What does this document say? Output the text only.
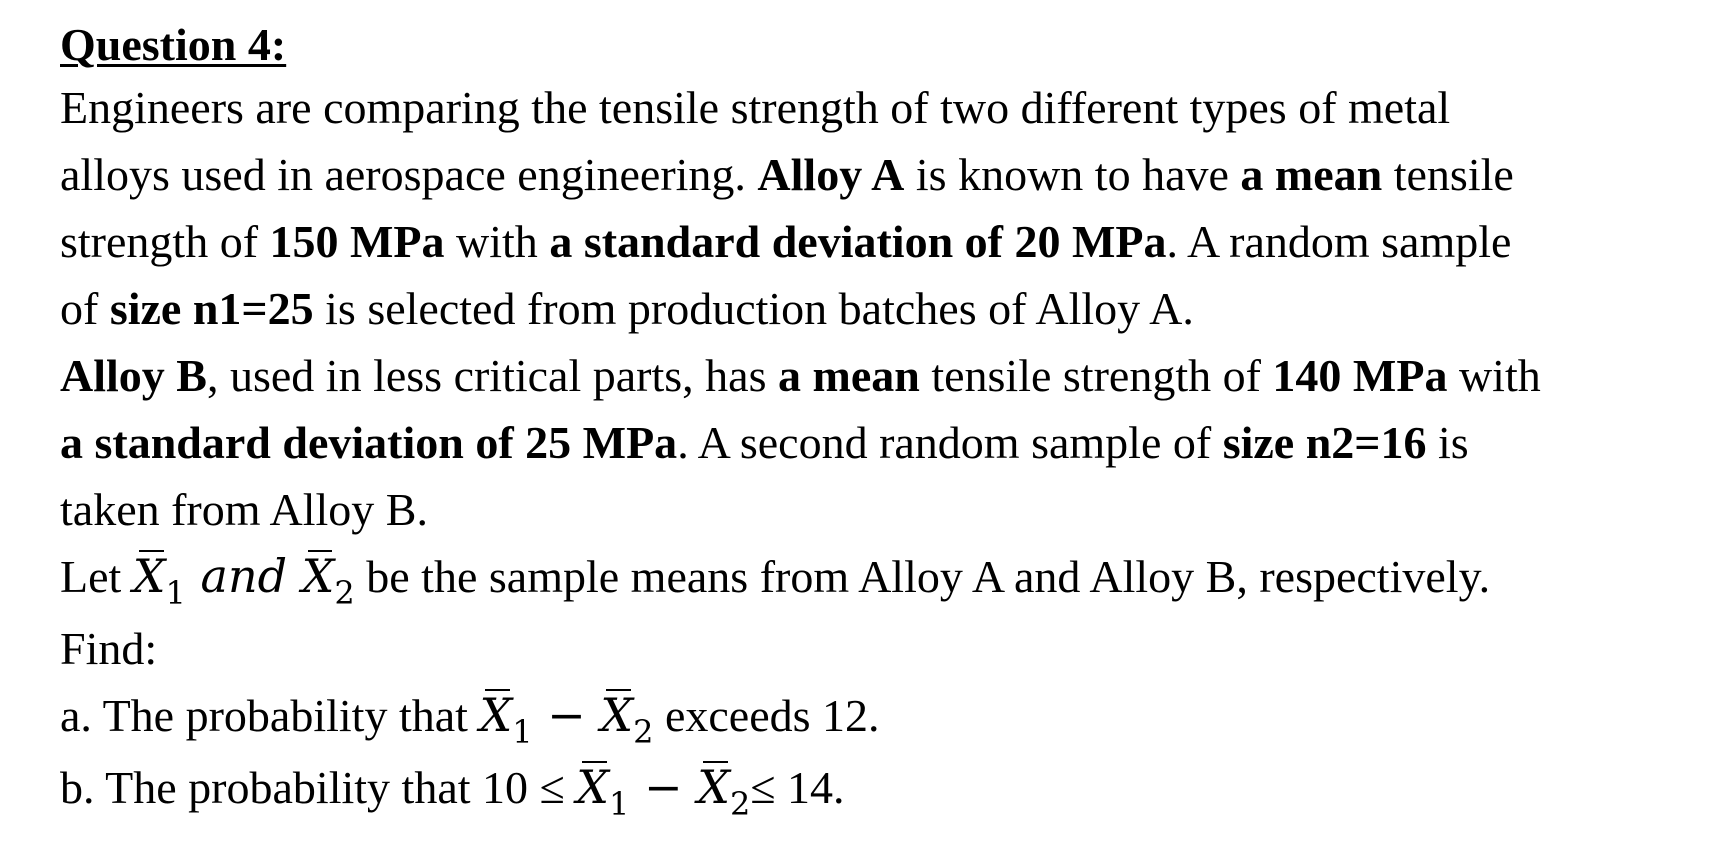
Question 4:
Engineers are comparing the tensile strength of two different types of metal
alloys used in aerospace engineering. Alloy A is known to have a mean tensile
strength of 150 MPa with a standard deviation of 20 MPa. A random sample
of size n1=25 is selected from production batches of Alloy A.
Alloy B, used in less critical parts, has a mean tensile strength of 140 MPa with
a standard deviation of 25 MPa. A second random sample of size n2=16 is
taken from Alloy B.
Let
$X_1$ and
$X_2$ be the sample means from Alloy A and Alloy B, respectively.
Find:
a. The probability that
$X_1$ −
$X_2$ exceeds 12.
b. The probability that 10 ≤
$X_1$ −
$X_2\le 14$.
